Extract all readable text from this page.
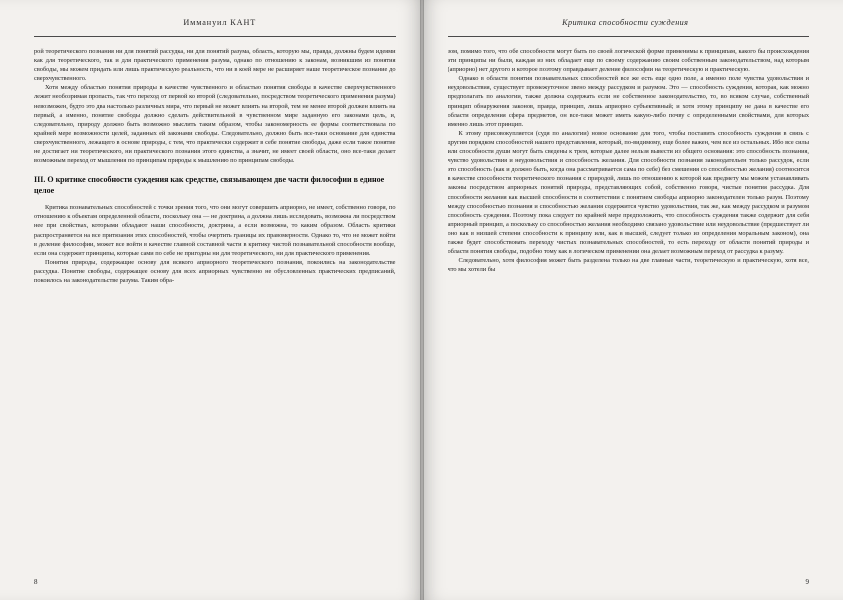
Иммануил КАНТ

рой теоретического познания ни для понятий рассудка, ни для понятий разума, область, которую мы, правда, должны будем идеями как для теоретического, так и для практического применения разума, однако по отношению к законам, возникшим из понятия свободы, мы можем придать или лишь практическую реальность, что ни в коей мере не расширяет наше теоретическое познание до сверхчувственного.

Хотя между областью понятия природы в качестве чувственного и областью понятия свободы в качестве сверхчувственного лежит необозримая пропасть, так что переход от первой ко второй (следовательно, посредством теоретического применения разума) невозможен, будто это два настолько различных мира, что первый не может влиять на второй, тем не менее второй должен влиять на первый, а именно, понятие свободы должно сделать действительной в чувственном мире заданную его законами цель, и, следовательно, природу должно быть возможно мыслить таким образом, чтобы закономерность ее формы соответствовала по крайней мере возможности целей, заданных ей законами свободы. Следовательно, должно быть все-таки основание для единства сверхчувственного, лежащего в основе природы, с тем, что практически содержит в себе понятие свободы, даже если такое понятие не достигает ни теоретического, ни практического познания этого единства, а значит, не имеет своей области, оно все-таки делает возможным переход от мышления по принципам природы к мышлению по принципам свободы.

III. О критике способности суждения как средстве, связывающем две части философии в единое целое

Критика познавательных способностей с точки зрения того, что они могут совершить априорно, не имеет, собственно говоря, по отношению к объектам определенной области, поскольку она — не доктрина, а должна лишь исследовать, возможна ли посредством нее при свойствах, которыми обладают наши способности, доктрина, а если возможна, то каким образом. Область критики распространяется на все притязания этих способностей, чтобы очертить границы их правомерности. Однако то, что не может войти в деление философии, может все войти в качестве главной составной части в критику чистой познавательной способности вообще, если она содержит принципы, которые сами по себе не пригодны ни для теоретического, ни для практического применения.

Понятия природы, содержащие основу для всякого априорного теоретического познания, покоились на законодательстве рассудка. Понятие свободы, содержащее основу для всех априорных чувственно не обусловленных практических предписаний, покоилось на законодательстве разума. Таким обра-

8
Критика способности суждения

зом, помимо того, что обе способности могут быть по своей логической форме применимы к принципам, какого бы происхождения эти принципы ни были, каждая из них обладает еще по своему содержанию своим собственным законодательством, над которым (априорно) нет другого и которое поэтому оправдывает деление философии на теоретическую и практическую.

Однако в области понятия познавательных способностей все же есть еще одно поле, а именно поле чувства удовольствия и неудовольствия, существует промежуточное звено между рассудком и разумом. Это — способность суждения, которая, как можно предполагать по аналогии, также должна содержать если не собственное законодательство, то, во всяком случае, собственный принцип обнаружения законов, правда, принцип, лишь априорно субъективный; и хотя этому принципу не дана в качестве его области определения сфера предметов, он все-таки может иметь какую-либо почву с определенными свойствами, для которых именно лишь этот принцип.

К этому присовокупляется (судя по аналогии) новое основание для того, чтобы поставить способность суждения в связь с другим порядком способностей нашего представления, который, по-видимому, еще более важен, чем все из остальных. Ибо все силы или способности души могут быть сведены к трем, которые далее нельзя вывести из общего основания: это способность познания, чувство удовольствия и неудовольствия и способность желания. Для способности познания законодательен только рассудок, если это способность (как и должно быть, когда она рассматривается сама по себе) без смешения со способностью желания) соотносится в качестве способности теоретического познания с природой, лишь по отношению к которой как предмету мы можем устанавливать законы посредством априорных понятий природы, представляющих собой, собственно говоря, чистые понятия рассудка. Для способности желания как высшей способности в соответствии с понятием свободы априорно законодателен только разум. Поэтому между способностью познания и способностью желания содержится чувство удовольствия, так же, как между рассудком и разумом способность суждения. Поэтому пока следует по крайней мере предположить, что способность суждения также содержит для себя априорный принцип, а поскольку со способностью желания необходимо связано удовольствие или неудовольствие (предшествует ли оно как в низшей степени способности к принципу или, как в высшей, следует только из определения моральным законом), она также будет способствовать переходу чистых познавательных способностей, то есть переходу от области понятий природы и области понятия свободы, подобно тому как в логическом применении она делает возможным переход от рассудка к разуму.

Следовательно, хотя философия может быть разделена только на две главные части, теоретическую и практическую, хотя все, что мы хотели бы

9
